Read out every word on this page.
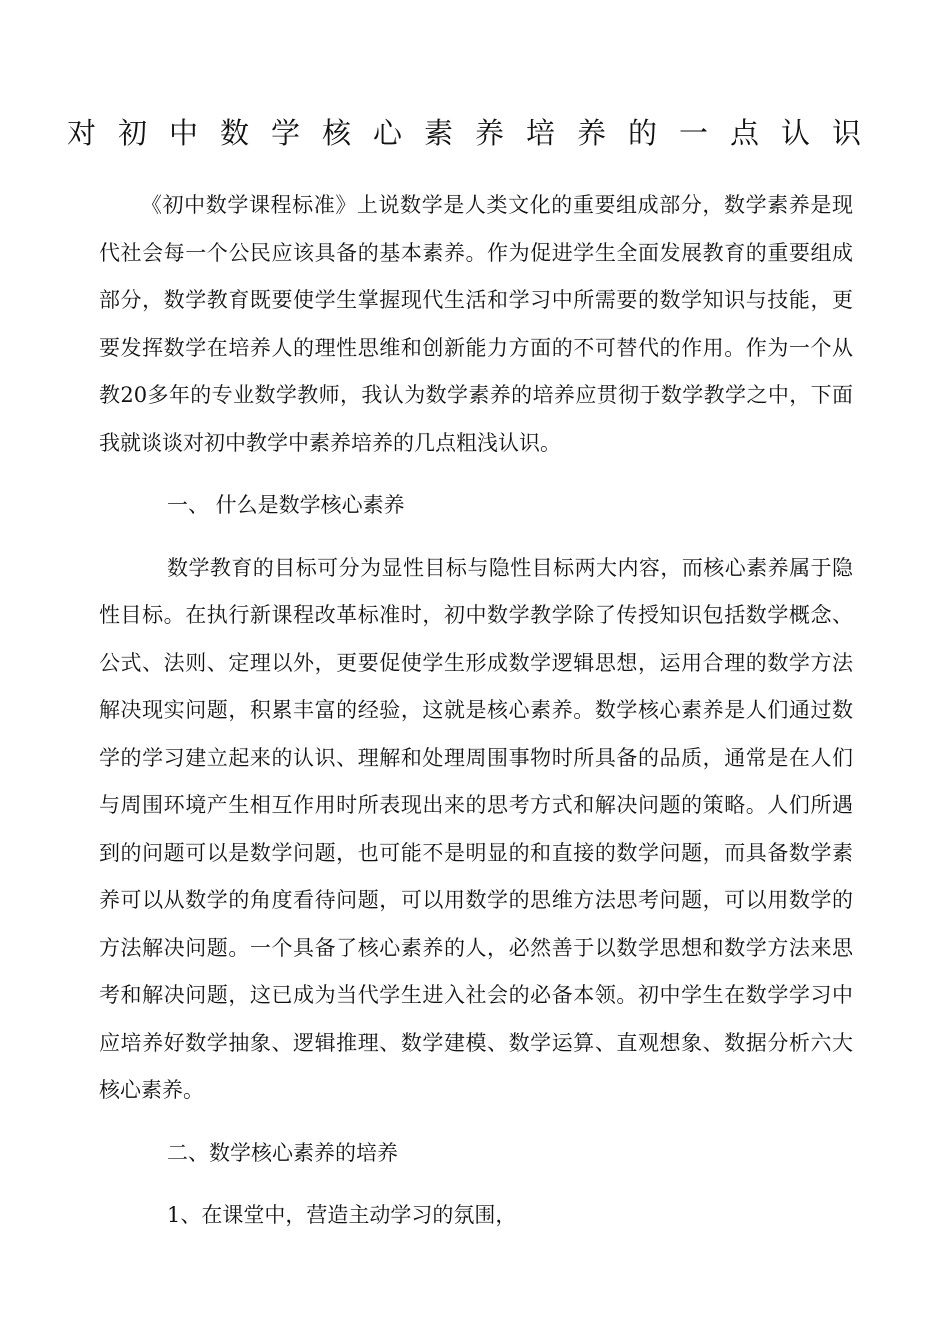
对初中数学核心素养培养的一点认识

《初中数学课程标准》上说数学是人类文化的重要组成部分，数学素养是现代社会每一个公民应该具备的基本素养。作为促进学生全面发展教育的重要组成部分，数学教育既要使学生掌握现代生活和学习中所需要的数学知识与技能，更要发挥数学在培养人的理性思维和创新能力方面的不可替代的作用。作为一个从教20多年的专业数学教师，我认为数学素养的培养应贯彻于数学教学之中，下面我就谈谈对初中教学中素养培养的几点粗浅认识。

一、 什么是数学核心素养

数学教育的目标可分为显性目标与隐性目标两大内容，而核心素养属于隐性目标。在执行新课程改革标准时，初中数学教学除了传授知识包括数学概念、公式、法则、定理以外，更要促使学生形成数学逻辑思想，运用合理的数学方法解决现实问题，积累丰富的经验，这就是核心素养。数学核心素养是人们通过数学的学习建立起来的认识、理解和处理周围事物时所具备的品质，通常是在人们与周围环境产生相互作用时所表现出来的思考方式和解决问题的策略。人们所遇到的问题可以是数学问题，也可能不是明显的和直接的数学问题，而具备数学素养可以从数学的角度看待问题，可以用数学的思维方法思考问题，可以用数学的方法解决问题。一个具备了核心素养的人，必然善于以数学思想和数学方法来思考和解决问题，这已成为当代学生进入社会的必备本领。初中学生在数学学习中应培养好数学抽象、逻辑推理、数学建模、数学运算、直观想象、数据分析六大核心素养。

二、数学核心素养的培养

1、在课堂中，营造主动学习的氛围，
